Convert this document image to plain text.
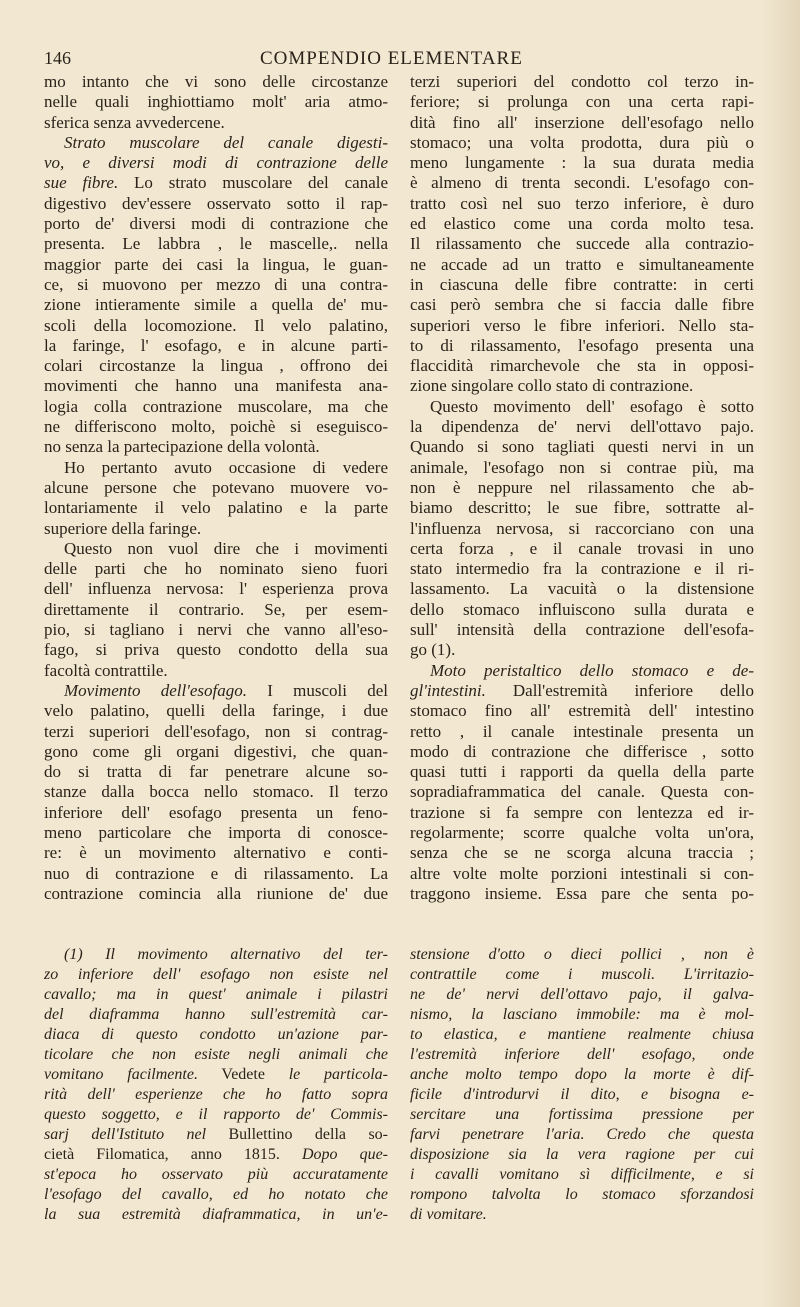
146	COMPENDIO ELEMENTARE
mo intanto che vi sono delle circostanze
nelle quali inghiottiamo molt' aria atmo-
sferica senza avvedercene.
Strato muscolare del canale digesti-
vo, e diversi modi di contrazione delle
sue fibre. Lo strato muscolare del canale
digestivo dev'essere osservato sotto il rap-
porto de' diversi modi di contrazione che
presenta. Le labbra , le mascelle,. nella
maggior parte dei casi la lingua, le guan-
ce, si muovono per mezzo di una contra-
zione intieramente simile a quella de' mu-
scoli della locomozione. Il velo palatino,
la faringe, l' esofago, e in alcune parti-
colari circostanze la lingua , offrono dei
movimenti che hanno una manifesta ana-
logia colla contrazione muscolare, ma che
ne differiscono molto, poichè si eseguisco-
no senza la partecipazione della volontà.
Ho pertanto avuto occasione di vedere
alcune persone che potevano muovere vo-
lontariamente il velo palatino e la parte
superiore della faringe.
Questo non vuol dire che i movimenti
delle parti che ho nominato sieno fuori
dell' influenza nervosa: l' esperienza prova
direttamente il contrario. Se, per esem-
pio, si tagliano i nervi che vanno all'eso-
fago, si priva questo condotto della sua
facoltà contrattile.
Movimento dell'esofago. I muscoli del
velo palatino, quelli della faringe, i due
terzi superiori dell'esofago, non si contrag-
gono come gli organi digestivi, che quan-
do si tratta di far penetrare alcune so-
stanze dalla bocca nello stomaco. Il terzo
inferiore dell' esofago presenta un feno-
meno particolare che importa di conosce-
re: è un movimento alternativo e conti-
nuo di contrazione e di rilassamento. La
contrazione comincia alla riunione de' due
terzi superiori del condotto col terzo in-
feriore; si prolunga con una certa rapi-
dità fino all' inserzione dell'esofago nello
stomaco; una volta prodotta, dura più o
meno lungamente : la sua durata media
è almeno di trenta secondi. L'esofago con-
tratto così nel suo terzo inferiore, è duro
ed elastico come una corda molto tesa.
Il rilassamento che succede alla contrazio-
ne accade ad un tratto e simultaneamente
in ciascuna delle fibre contratte: in certi
casi però sembra che si faccia dalle fibre
superiori verso le fibre inferiori. Nello sta-
to di rilassamento, l'esofago presenta una
flaccidità rimarchevole che sta in opposi-
zione singolare collo stato di contrazione.
Questo movimento dell' esofago è sotto
la dipendenza de' nervi dell'ottavo pajo.
Quando si sono tagliati questi nervi in un
animale, l'esofago non si contrae più, ma
non è neppure nel rilassamento che ab-
biamo descritto; le sue fibre, sottratte al-
l'influenza nervosa, si raccorciano con una
certa forza , e il canale trovasi in uno
stato intermedio fra la contrazione e il ri-
lassamento. La vacuità o la distensione
dello stomaco influiscono sulla durata e
sull' intensità della contrazione dell'esofa-
go (1).
Moto peristaltico dello stomaco e de-
gl'intestini. Dall'estremità inferiore dello
stomaco fino all' estremità dell' intestino
retto , il canale intestinale presenta un
modo di contrazione che differisce , sotto
quasi tutti i rapporti da quella della parte
sopradiaframmatica del canale. Questa con-
trazione si fa sempre con lentezza ed ir-
regolarmente; scorre qualche volta un'ora,
senza che se ne scorga alcuna traccia ;
altre volte molte porzioni intestinali si con-
traggono insieme. Essa pare che senta po-
(1) Il movimento alternativo del ter-
zo inferiore dell' esofago non esiste nel
cavallo; ma in quest' animale i pilastri
del diaframma hanno sull'estremità car-
diaca di questo condotto un'azione par-
ticolare che non esiste negli animali che
vomitano facilmente. Vedete le particola-
rità dell' esperienze che ho fatto sopra
questo soggetto, e il rapporto de' Commis-
sarj dell'Istituto nel Bullettino della so-
cietà Filomatica, anno 1815. Dopo que-
st'epoca ho osservato più accuratamente
l'esofago del cavallo, ed ho notato che
la sua estremità diaframmatica, in un'e-
stensione d'otto o dieci pollici , non è
contrattile come i muscoli. L'irritazio-
ne de' nervi dell'ottavo pajo, il galva-
nismo, la lasciano immobile: ma è mol-
to elastica, e mantiene realmente chiusa
l'estremità inferiore dell' esofago, onde
anche molto tempo dopo la morte è dif-
ficile d'introdurvi il dito, e bisogna e-
sercitare una fortissima pressione per
farvi penetrare l'aria. Credo che questa
disposizione sia la vera ragione per cui
i cavalli vomitano sì difficilmente, e si
rompono talvolta lo stomaco sforzandosi
di vomitare.
